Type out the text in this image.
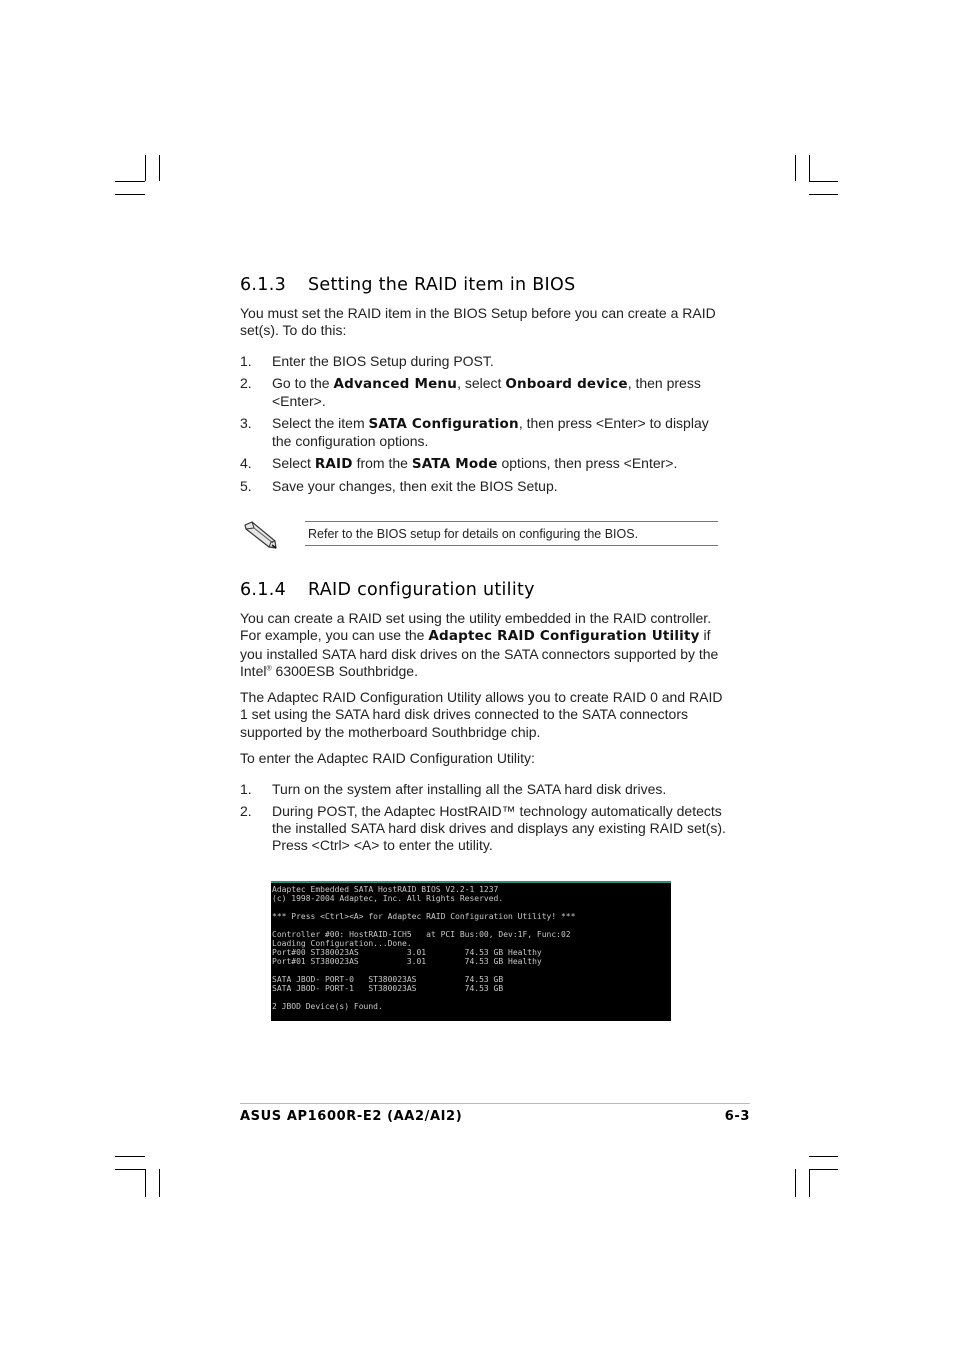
6.1.3 Setting the RAID item in BIOS

You must set the RAID item in the BIOS Setup before you can create a RAID set(s). To do this:

1. Enter the BIOS Setup during POST.
2. Go to the Advanced Menu, select Onboard device, then press <Enter>.
3. Select the item SATA Configuration, then press <Enter> to display the configuration options.
4. Select RAID from the SATA Mode options, then press <Enter>.
5. Save your changes, then exit the BIOS Setup.
Refer to the BIOS setup for details on configuring the BIOS.
6.1.4 RAID configuration utility

You can create a RAID set using the utility embedded in the RAID controller. For example, you can use the Adaptec RAID Configuration Utility if you installed SATA hard disk drives on the SATA connectors supported by the Intel® 6300ESB Southbridge.

The Adaptec RAID Configuration Utility allows you to create RAID 0 and RAID 1 set using the SATA hard disk drives connected to the SATA connectors supported by the motherboard Southbridge chip.

To enter the Adaptec RAID Configuration Utility:

1. Turn on the system after installing all the SATA hard disk drives.
2. During POST, the Adaptec HostRAID™ technology automatically detects the installed SATA hard disk drives and displays any existing RAID set(s). Press <Ctrl> <A> to enter the utility.
Adaptec Embedded SATA HostRAID BIOS V2.2-1 1237
(c) 1998-2004 Adaptec, Inc. All Rights Reserved.
*** Press <Ctrl><A> for Adaptec RAID Configuration Utility! ***
Controller #00: HostRAID-ICH5   at PCI Bus:00, Dev:1F, Func:02
Loading Configuration...Done.
Port#00 ST380023AS          3.01        74.53 GB Healthy
Port#01 ST380023AS          3.01        74.53 GB Healthy
SATA JBOD- PORT-0   ST380023AS          74.53 GB
SATA JBOD- PORT-1   ST380023AS          74.53 GB
2 JBOD Device(s) Found.
ASUS AP1600R-E2 (AA2/AI2)	6-3
